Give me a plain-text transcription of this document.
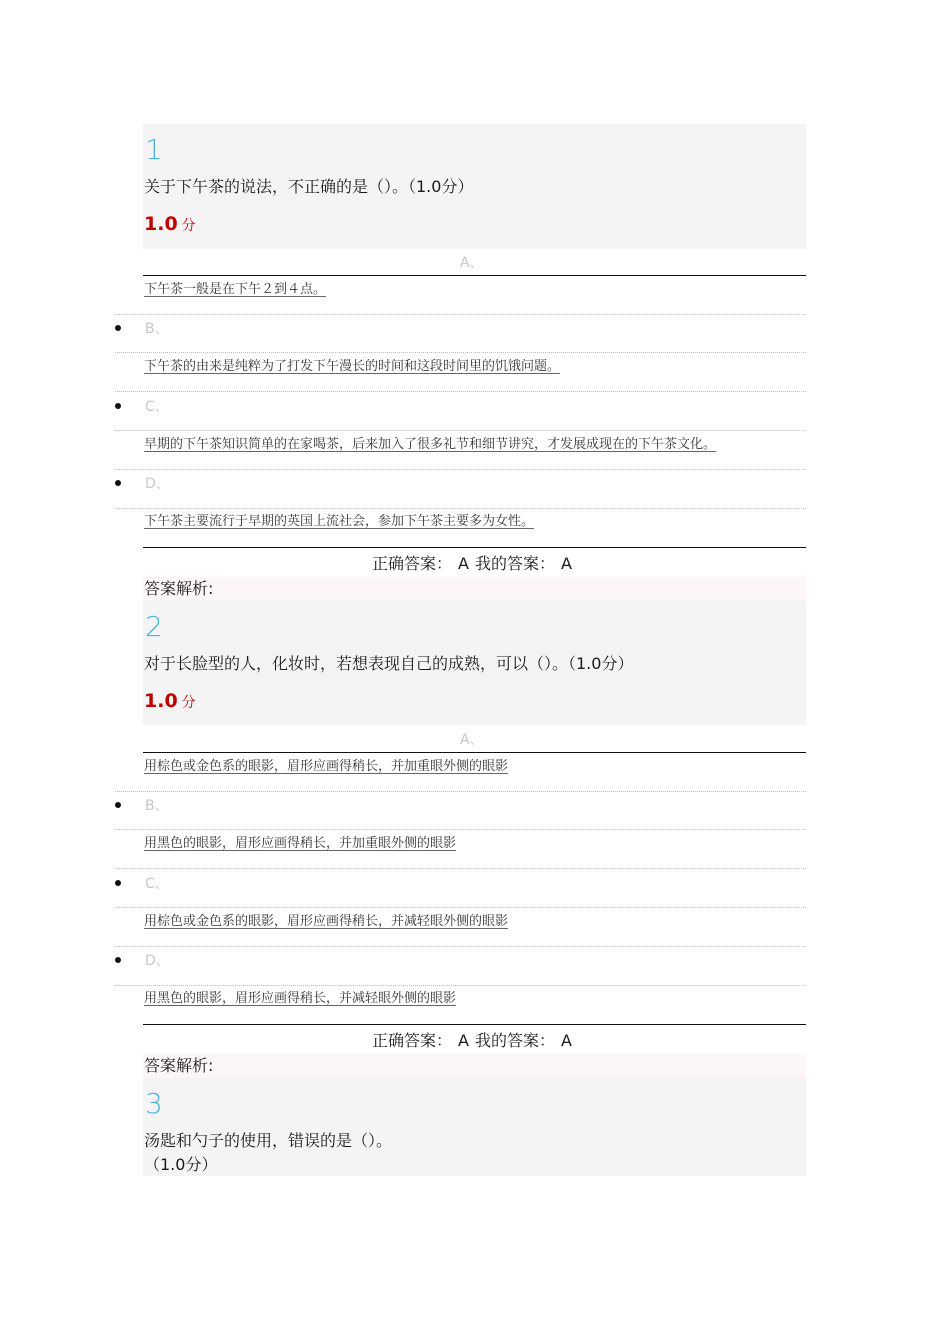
1
关于下午茶的说法，不正确的是（）。（1.0分）
1.0 分
A、
下午茶一般是在下午２到４点。
B、
下午茶的由来是纯粹为了打发下午漫长的时间和这段时间里的饥饿问题。
C、
早期的下午茶知识简单的在家喝茶，后来加入了很多礼节和细节讲究，才发展成现在的下午茶文化。
D、
下午茶主要流行于早期的英国上流社会，参加下午茶主要多为女性。
正确答案： A 我的答案： A
答案解析:
2
对于长脸型的人，化妆时，若想表现自己的成熟，可以（）。（1.0分）
1.0 分
A、
用棕色或金色系的眼影，眉形应画得稍长，并加重眼外侧的眼影
B、
用黑色的眼影，眉形应画得稍长，并加重眼外侧的眼影
C、
用棕色或金色系的眼影，眉形应画得稍长，并减轻眼外侧的眼影
D、
用黑色的眼影，眉形应画得稍长，并减轻眼外侧的眼影
正确答案： A 我的答案： A
答案解析:
3
汤匙和勺子的使用，错误的是（）。
（1.0分）
